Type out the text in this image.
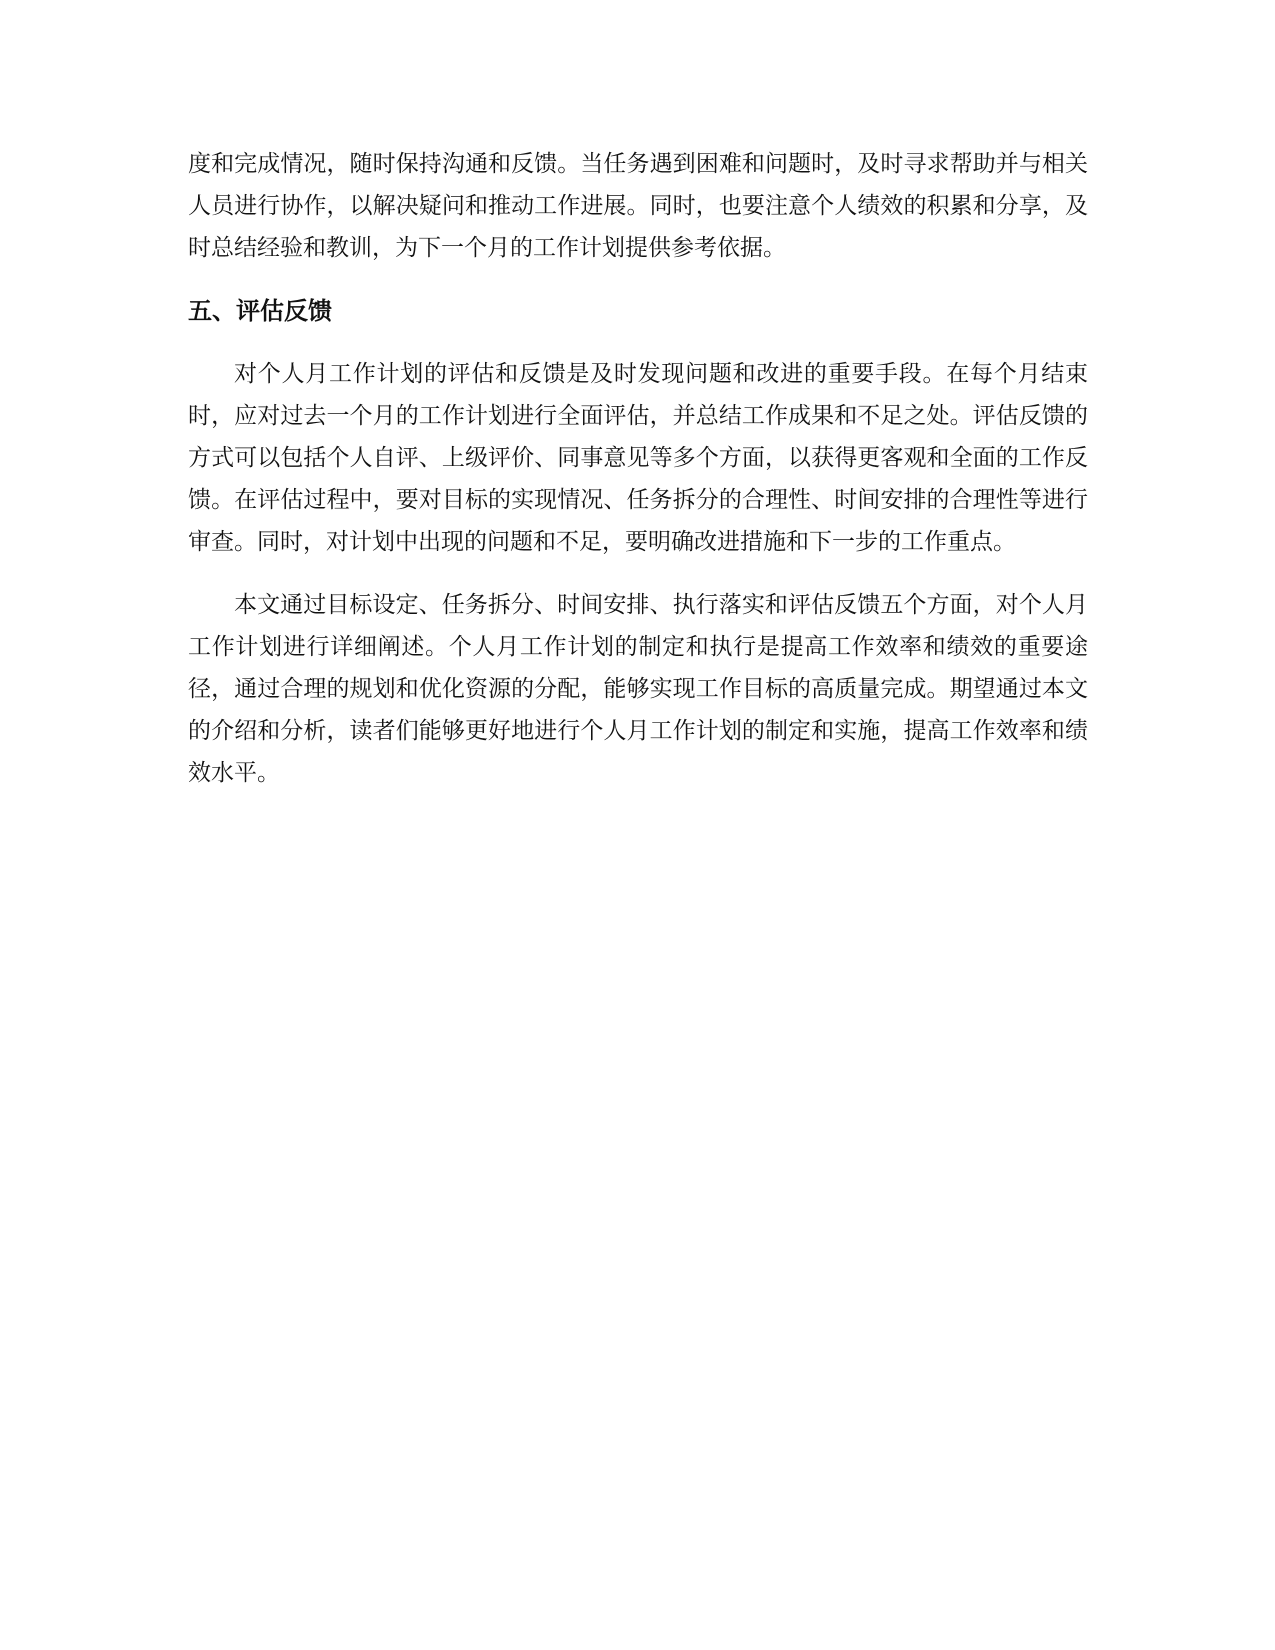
度和完成情况，随时保持沟通和反馈。当任务遇到困难和问题时，及时寻求帮助并与相关人员进行协作，以解决疑问和推动工作进展。同时，也要注意个人绩效的积累和分享，及时总结经验和教训，为下一个月的工作计划提供参考依据。

五、评估反馈

对个人月工作计划的评估和反馈是及时发现问题和改进的重要手段。在每个月结束时，应对过去一个月的工作计划进行全面评估，并总结工作成果和不足之处。评估反馈的方式可以包括个人自评、上级评价、同事意见等多个方面，以获得更客观和全面的工作反馈。在评估过程中，要对目标的实现情况、任务拆分的合理性、时间安排的合理性等进行审查。同时，对计划中出现的问题和不足，要明确改进措施和下一步的工作重点。

本文通过目标设定、任务拆分、时间安排、执行落实和评估反馈五个方面，对个人月工作计划进行详细阐述。个人月工作计划的制定和执行是提高工作效率和绩效的重要途径，通过合理的规划和优化资源的分配，能够实现工作目标的高质量完成。期望通过本文的介绍和分析，读者们能够更好地进行个人月工作计划的制定和实施，提高工作效率和绩效水平。
